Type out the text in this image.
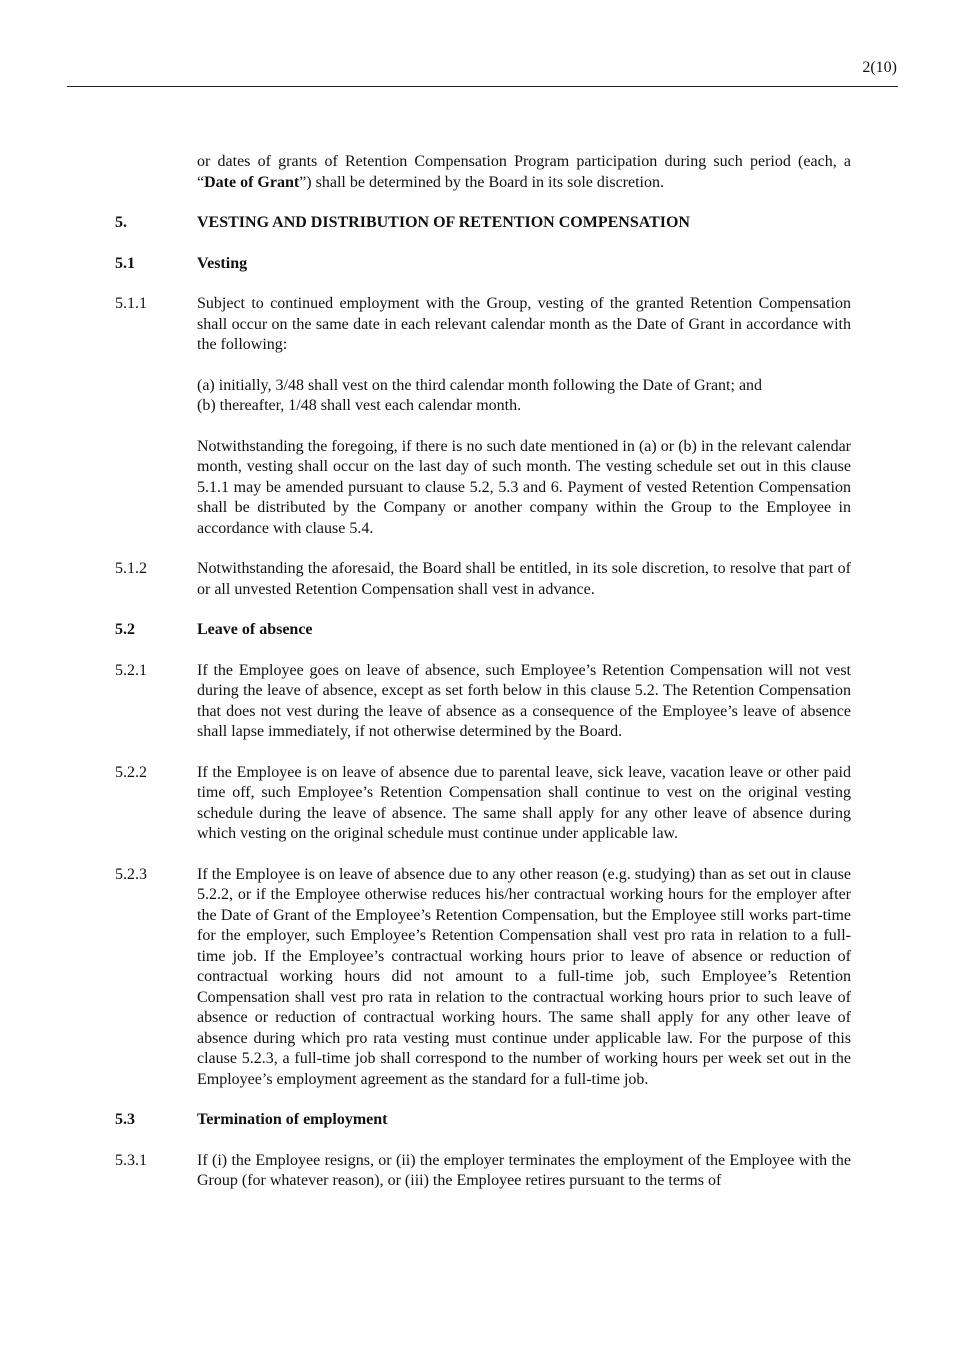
2(10)

or dates of grants of Retention Compensation Program participation during such period (each, a “Date of Grant”) shall be determined by the Board in its sole discretion.

5.	VESTING AND DISTRIBUTION OF RETENTION COMPENSATION
5.1	Vesting
5.1.1	Subject to continued employment with the Group, vesting of the granted Retention Compensation shall occur on the same date in each relevant calendar month as the Date of Grant in accordance with the following:

(a) initially, 3/48 shall vest on the third calendar month following the Date of Grant; and

(b) thereafter, 1/48 shall vest each calendar month.

Notwithstanding the foregoing, if there is no such date mentioned in (a) or (b) in the relevant calendar month, vesting shall occur on the last day of such month. The vesting schedule set out in this clause 5.1.1 may be amended pursuant to clause 5.2, 5.3 and 6. Payment of vested Retention Compensation shall be distributed by the Company or another company within the Group to the Employee in accordance with clause 5.4.

5.1.2	Notwithstanding the aforesaid, the Board shall be entitled, in its sole discretion, to resolve that part of or all unvested Retention Compensation shall vest in advance.
5.2	Leave of absence
5.2.1	If the Employee goes on leave of absence, such Employee’s Retention Compensation will not vest during the leave of absence, except as set forth below in this clause 5.2. The Retention Compensation that does not vest during the leave of absence as a consequence of the Employee’s leave of absence shall lapse immediately, if not otherwise determined by the Board.
5.2.2	If the Employee is on leave of absence due to parental leave, sick leave, vacation leave or other paid time off, such Employee’s Retention Compensation shall continue to vest on the original vesting schedule during the leave of absence. The same shall apply for any other leave of absence during which vesting on the original schedule must continue under applicable law.
5.2.3	If the Employee is on leave of absence due to any other reason (e.g. studying) than as set out in clause 5.2.2, or if the Employee otherwise reduces his/her contractual working hours for the employer after the Date of Grant of the Employee’s Retention Compensation, but the Employee still works part-time for the employer, such Employee’s Retention Compensation shall vest pro rata in relation to a full-time job. If the Employee’s contractual working hours prior to leave of absence or reduction of contractual working hours did not amount to a full-time job, such Employee’s Retention Compensation shall vest pro rata in relation to the contractual working hours prior to such leave of absence or reduction of contractual working hours. The same shall apply for any other leave of absence during which pro rata vesting must continue under applicable law. For the purpose of this clause 5.2.3, a full-time job shall correspond to the number of working hours per week set out in the Employee’s employment agreement as the standard for a full-time job.
5.3	Termination of employment
5.3.1	If (i) the Employee resigns, or (ii) the employer terminates the employment of the Employee with the Group (for whatever reason), or (iii) the Employee retires pursuant to the terms of
